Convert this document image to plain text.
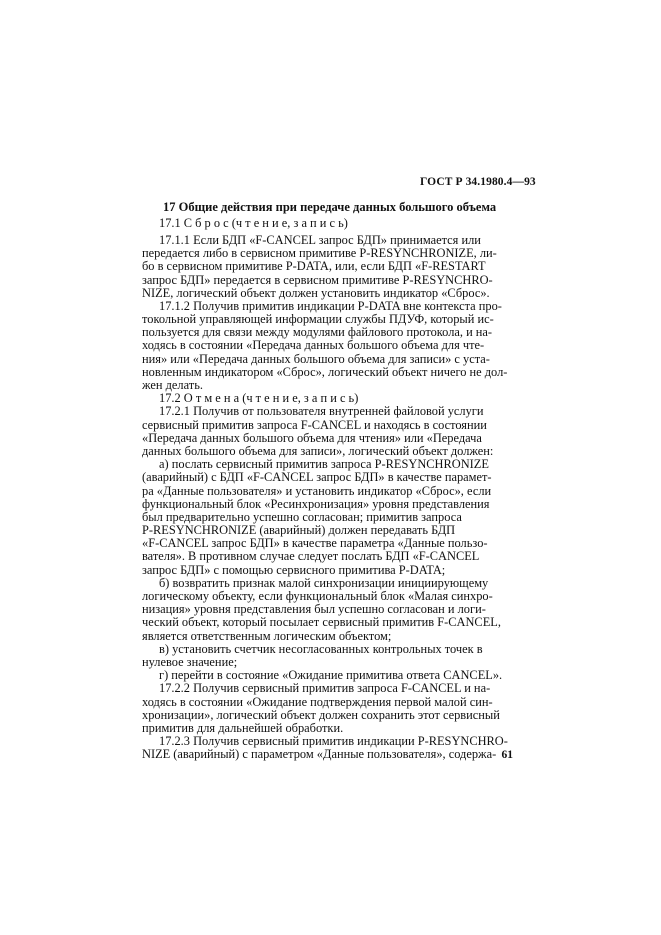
ГОСТ Р 34.1980.4—93
17 Общие действия при передаче данных большого объема
17.1 С б р о с (ч т е н и е, з а п и с ь)
17.1.1 Если БДП «F-CANCEL запрос БДП» принимается или
передается либо в сервисном примитиве P-RESYNCHRONIZE, ли-
бо в сервисном примитиве P-DATA, или, если БДП «F-RESTART
запрос БДП» передается в сервисном примитиве P-RESYNCHRO-
NIZE, логический объект должен установить индикатор «Сброс».
17.1.2 Получив примитив индикации P-DATA вне контекста про-
токольной управляющей информации службы ПДУФ, который ис-
пользуется для связи между модулями файлового протокола, и на-
ходясь в состоянии «Передача данных большого объема для чте-
ния» или «Передача данных большого объема для записи» с уста-
новленным индикатором «Сброс», логический объект ничего не дол-
жен делать.
17.2 О т м е н а (ч т е н и е, з а п и с ь)
17.2.1 Получив от пользователя внутренней файловой услуги
сервисный примитив запроса F-CANCEL и находясь в состоянии
«Передача данных большого объема для чтения» или «Передача
данных большого объема для записи», логический объект должен:
а) послать сервисный примитив запроса P-RESYNCHRONIZE
(аварийный) с БДП «F-CANCEL запрос БДП» в качестве парамет-
ра «Данные пользователя» и установить индикатор «Сброс», если
функциональный блок «Ресинхронизация» уровня представления
был предварительно успешно согласован; примитив запроса
P-RESYNCHRONIZE (аварийный) должен передавать БДП
«F-CANCEL запрос БДП» в качестве параметра «Данные пользо-
вателя». В противном случае следует послать БДП «F-CANCEL
запрос БДП» с помощью сервисного примитива P-DATA;
б) возвратить признак малой синхронизации инициирующему
логическому объекту, если функциональный блок «Малая синхро-
низация» уровня представления был успешно согласован и логи-
ческий объект, который посылает сервисный примитив F-CANCEL,
является ответственным логическим объектом;
в) установить счетчик несогласованных контрольных точек в
нулевое значение;
г) перейти в состояние «Ожидание примитива ответа CANCEL».
17.2.2 Получив сервисный примитив запроса F-CANCEL и на-
ходясь в состоянии «Ожидание подтверждения первой малой син-
хронизации», логический объект должен сохранить этот сервисный
примитив для дальнейшей обработки.
17.2.3 Получив сервисный примитив индикации P-RESYNCHRO-
NIZE (аварийный) с параметром «Данные пользователя», содержа- 61
